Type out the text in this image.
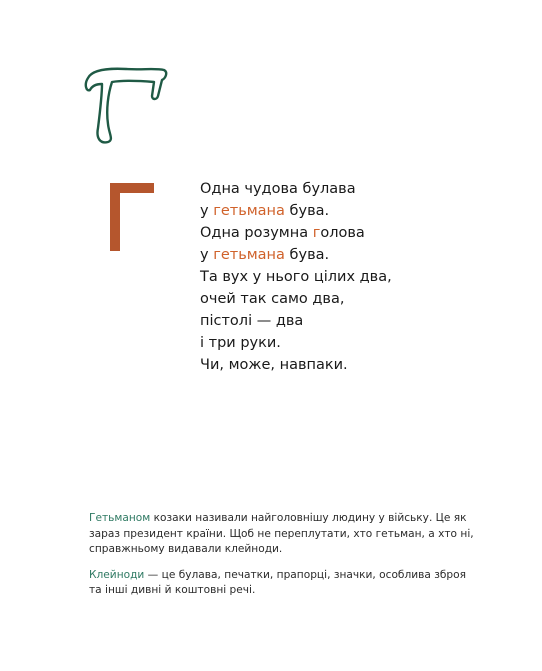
Одна чудова булава
у гетьмана бува.
Одна розумна голова
у гетьмана бува.
Та вух у нього цілих два,
очей так само два,
пістолі — два
і три руки.
Чи, може, навпаки.

Гетьманом козаки називали найголовнішу людину у війську. Це як зараз президент країни. Щоб не переплутати, хто гетьман, а хто ні, справжньому видавали клейноди.

Клейноди — це булава, печатки, прапорці, значки, особлива зброя та інші дивні й коштовні речі.
